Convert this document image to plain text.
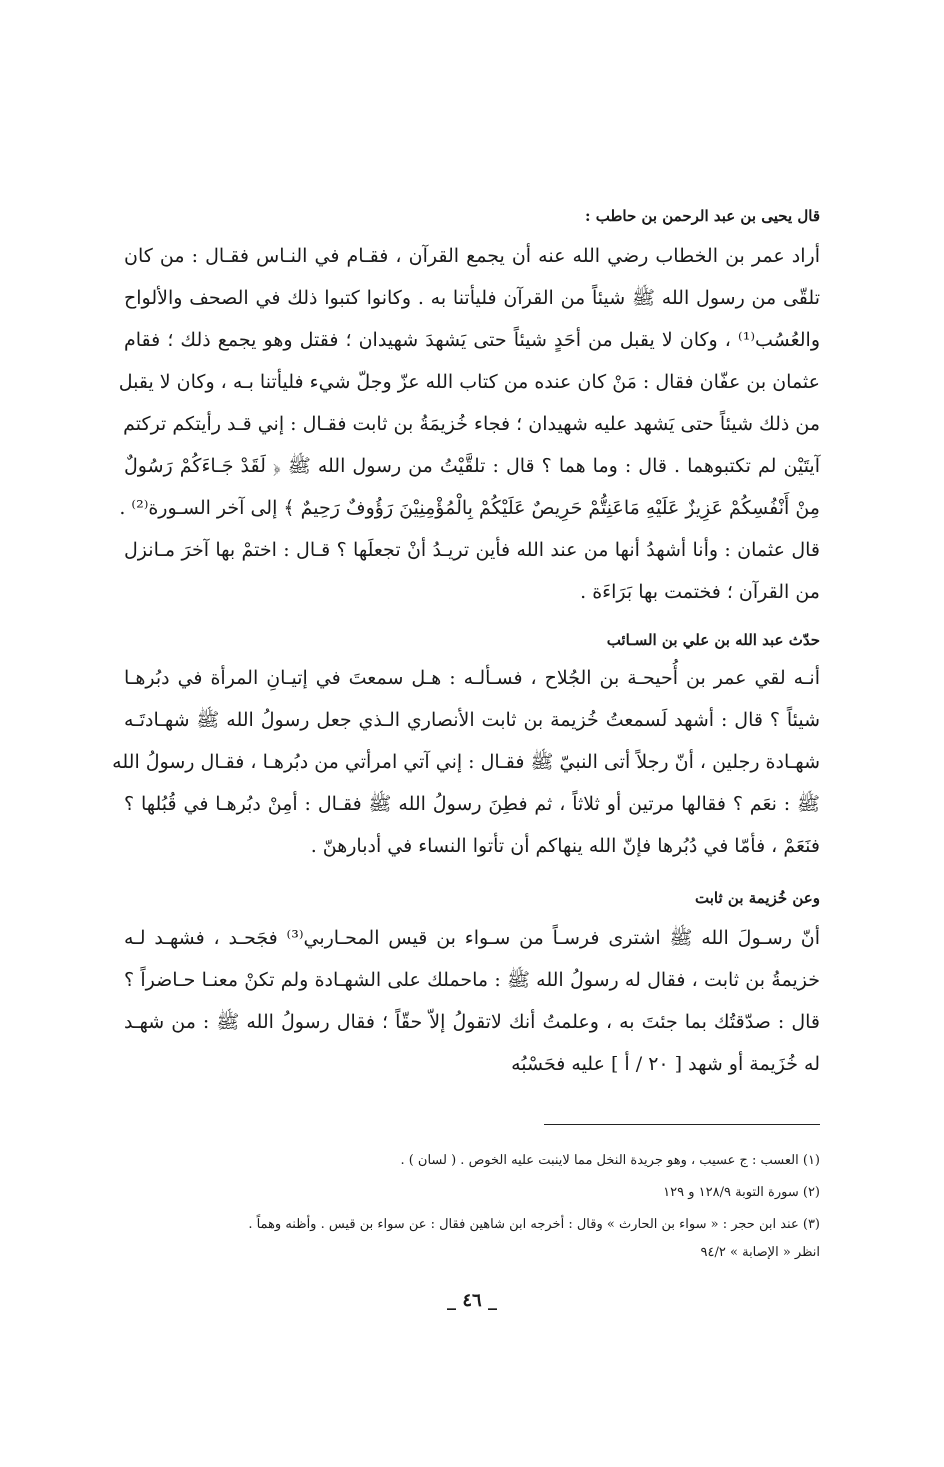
قال يحيى بن عبد الرحمن بن حاطب :
أراد عمر بن الخطاب رضي الله عنه أن يجمع القرآن ، فقـام في النـاس فقـال : من كان
تلقّى من رسول الله ﷺ شيئاً من القرآن فليأتنا به . وكانوا كتبوا ذلك في الصحف والألواح
والعُسُب⁽¹⁾ ، وكان لا يقبل من أحَدٍ شيئاً حتى يَشهدَ شهيدان ؛ فقتل وهو يجمع ذلك ؛ فقام
عثمان بن عفّان فقال : مَنْ كان عنده من كتاب الله عزّ وجلّ شيء فليأتنا بـه ، وكان لا يقبل
من ذلك شيئاً حتى يَشهد عليه شهيدان ؛ فجاء خُزيمَةُ بن ثابت فقـال : إني قـد رأيتكم تركتم
آيتَيْن لم تكتبوهما . قال : وما هما ؟ قال : تلقَّيْتُ من رسول الله ﷺ ﴿ لَقَدْ جَـاءَكُمْ رَسُولٌ
مِنْ أَنْفُسِكُمْ عَزِيزٌ عَلَيْهِ مَاعَنِتُّمْ حَرِيصٌ عَلَيْكُمْ بِالْمُؤْمِنِيْنَ رَؤُوفٌ رَحِيمٌ ﴾ إلى آخر السـورة⁽²⁾ .
قال عثمان : وأنا أشهدُ أنها من عند الله فأين تريـدُ أنْ تجعلَها ؟ قـال : اختمْ بها آخرَ مـانزل
من القرآن ؛ فختمت بها بَرَاءَة .
حدّث عبد الله بن علي بن السـائب
أنـه لقي عمر بن أُحيحـة بن الجُلاح ، فسـألـه : هـل سمعتَ في إتيـانِ المرأة في دبُرهـا
شيئاً ؟ قال : أشهد لَسمعتُ خُزيمة بن ثابت الأنصاري الـذي جعل رسولُ الله ﷺ شهـادتَـه
شهـادة رجلين ، أنّ رجلاً أتى النبيّ ﷺ فقـال : إني آتي امرأتي من دبُرهـا ، فقـال رسولُ الله
ﷺ : نعَم ؟ فقالها مرتين أو ثلاثاً ، ثم فطِنَ رسولُ الله ﷺ فقـال : أمِنْ دبُرهـا في قُبُلها ؟
فنَعَمْ ، فأمّا في دُبُرها فإنّ الله ينهاكم أن تأتوا النساء في أدبارهنّ .
وعن خُزيمة بن ثابت
أنّ رسـولَ الله ﷺ اشترى فرسـاً من سـواء بن قيس المحـاربي⁽³⁾ فجَحـد ، فشهـد لـه
خزيمةُ بن ثابت ، فقال له رسولُ الله ﷺ : ماحملك على الشهـادة ولم تكنْ معنـا حـاضراً ؟
قال : صدّقتُك بما جئتَ به ، وعلمتُ أنك لاتقولُ إلاّ حقّاً ؛ فقال رسولُ الله ﷺ : من شهـد
له خُزَيمة أو شهد [ ٢٠ / أ ] عليه فحَسْبُه
(١) العسب : ج عسيب ، وهو جريدة النخل مما لاينبت عليه الخوص . ( لسان ) .
(٢) سورة التوبة ١٢٨/٩ و ١٢٩
(٣) عند ابن حجر : « سواء بن الحارث » وقال : أخرجه ابن شاهين فقال : عن سواء بن قيس . وأظنه وهماً .
انظر « الإصابة » ٩٤/٢
_ ٤٦ _
